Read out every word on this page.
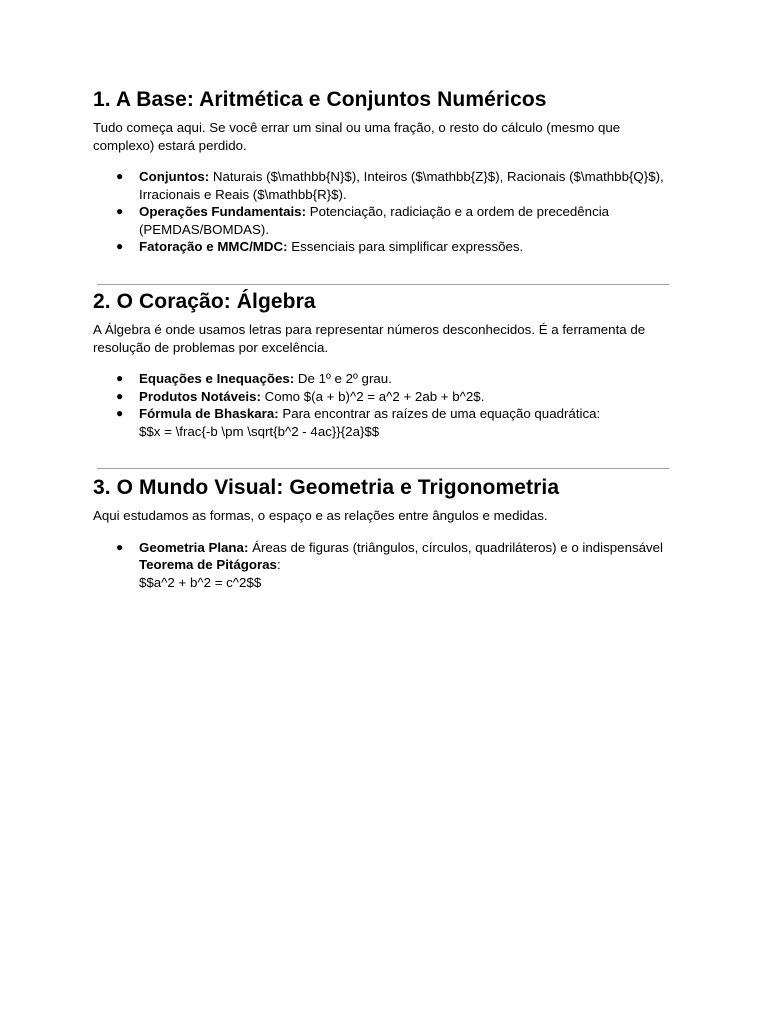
1. A Base: Aritmética e Conjuntos Numéricos

Tudo começa aqui. Se você errar um sinal ou uma fração, o resto do cálculo (mesmo que complexo) estará perdido.

● Conjuntos: Naturais ($\mathbb{N}$), Inteiros ($\mathbb{Z}$), Racionais ($\mathbb{Q}$), Irracionais e Reais ($\mathbb{R}$).
● Operações Fundamentais: Potenciação, radiciação e a ordem de precedência (PEMDAS/BOMDAS).
● Fatoração e MMC/MDC: Essenciais para simplificar expressões.
2. O Coração: Álgebra

A Álgebra é onde usamos letras para representar números desconhecidos. É a ferramenta de resolução de problemas por excelência.

● Equações e Inequações: De 1º e 2º grau.
● Produtos Notáveis: Como $(a + b)^2 = a^2 + 2ab + b^2$.
● Fórmula de Bhaskara: Para encontrar as raízes de uma equação quadrática:
$$x = \frac{-b \pm \sqrt{b^2 - 4ac}}{2a}$$
3. O Mundo Visual: Geometria e Trigonometria

Aqui estudamos as formas, o espaço e as relações entre ângulos e medidas.

● Geometria Plana: Áreas de figuras (triângulos, círculos, quadriláteros) e o indispensável Teorema de Pitágoras:
$$a^2 + b^2 = c^2$$
